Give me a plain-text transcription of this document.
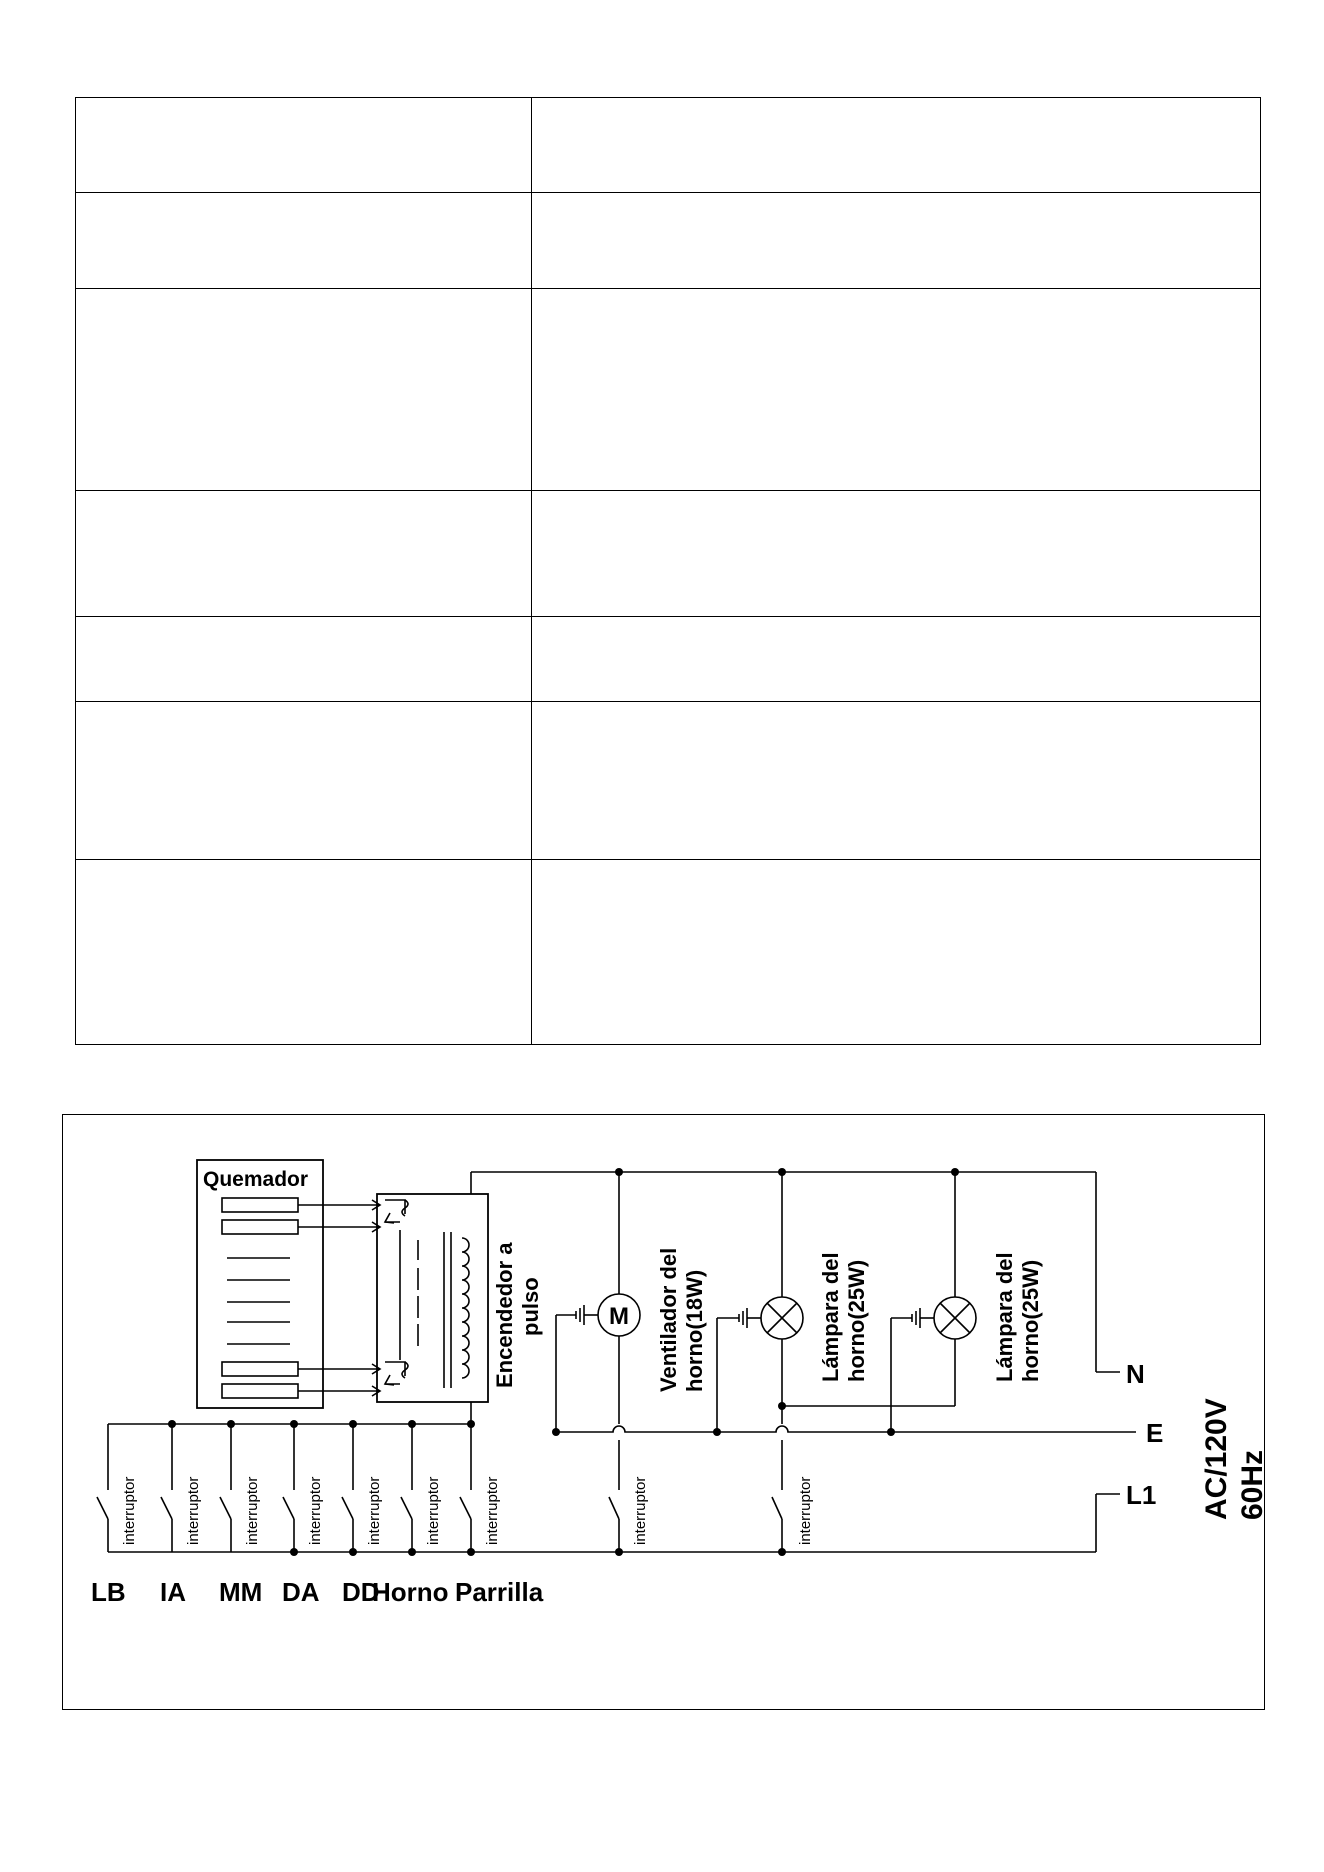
Quemador
Encendedor a pulso
N
M Ventilador del horno(18W)	Lámpara del horno(25W)	Lámpara del horno(25W)
E
interruptor	interruptor	L1 AC/120V 60Hz
interruptor	interruptor	interruptor	interruptor	interruptor	interruptor	interruptor
LB IA MM DA DD
Horno Parrilla
